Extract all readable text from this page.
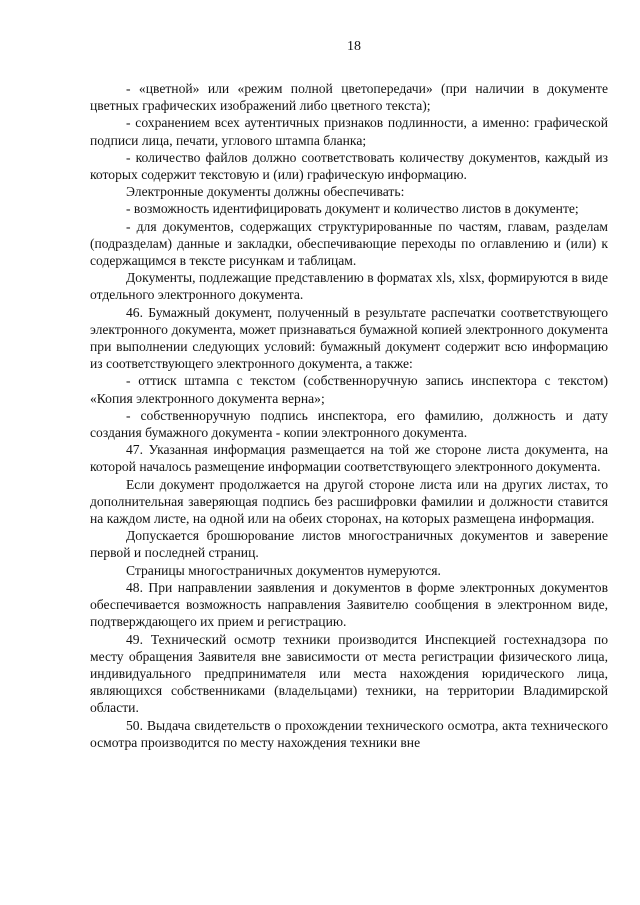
18

- «цветной» или «режим полной цветопередачи» (при наличии в документе цветных графических изображений либо цветного текста);

- сохранением всех аутентичных признаков подлинности, а именно: графической подписи лица, печати, углового штампа бланка;

- количество файлов должно соответствовать количеству документов, каждый из которых содержит текстовую и (или) графическую информацию.

Электронные документы должны обеспечивать:

- возможность идентифицировать документ и количество листов в документе;

- для документов, содержащих структурированные по частям, главам, разделам (подразделам) данные и закладки, обеспечивающие переходы по оглавлению и (или) к содержащимся в тексте рисункам и таблицам.

Документы, подлежащие представлению в форматах xls, xlsx, формируются в виде отдельного электронного документа.

46. Бумажный документ, полученный в результате распечатки соответствующего электронного документа, может признаваться бумажной копией электронного документа при выполнении следующих условий: бумажный документ содержит всю информацию из соответствующего электронного документа, а также:

- оттиск штампа с текстом (собственноручную запись инспектора с текстом) «Копия электронного документа верна»;

- собственноручную подпись инспектора, его фамилию, должность и дату создания бумажного документа - копии электронного документа.

47. Указанная информация размещается на той же стороне листа документа, на которой началось размещение информации соответствующего электронного документа.

Если документ продолжается на другой стороне листа или на других листах, то дополнительная заверяющая подпись без расшифровки фамилии и должности ставится на каждом листе, на одной или на обеих сторонах, на которых размещена информация.

Допускается брошюрование листов многостраничных документов и заверение первой и последней страниц.

Страницы многостраничных документов нумеруются.

48. При направлении заявления и документов в форме электронных документов обеспечивается возможность направления Заявителю сообщения в электронном виде, подтверждающего их прием и регистрацию.

49. Технический осмотр техники производится Инспекцией гостехнадзора по месту обращения Заявителя вне зависимости от места регистрации физического лица, индивидуального предпринимателя или места нахождения юридического лица, являющихся собственниками (владельцами) техники, на территории Владимирской области.

50. Выдача свидетельств о прохождении технического осмотра, акта технического осмотра производится по месту нахождения техники вне
